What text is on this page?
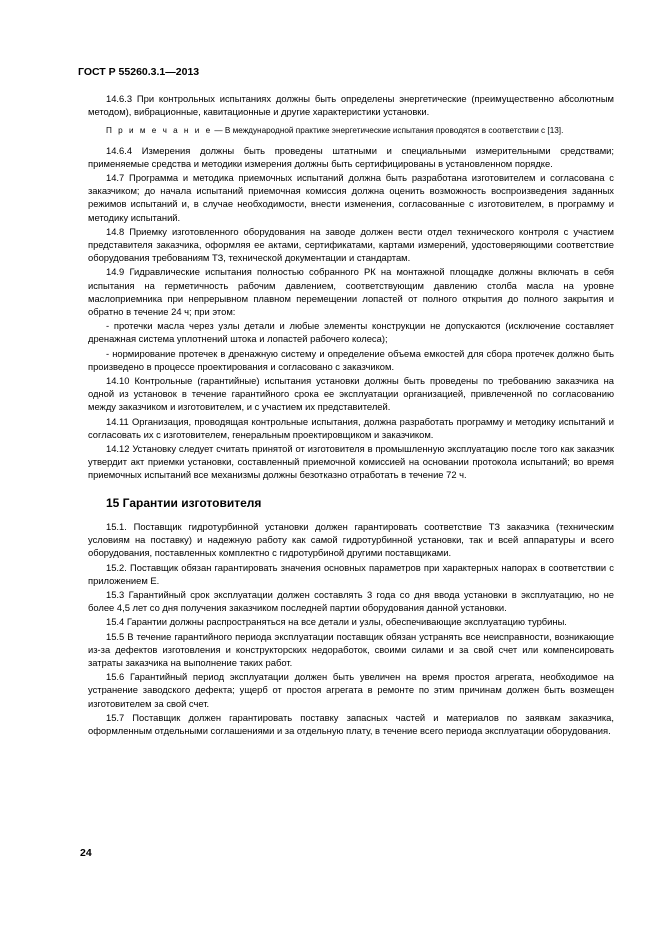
ГОСТ Р 55260.3.1—2013

14.6.3 При контрольных испытаниях должны быть определены энергетические (преимущественно абсолютным методом), вибрационные, кавитационные и другие характеристики установки.

П р и м е ч а н и е — В международной практике энергетические испытания проводятся в соответствии с [13].

14.6.4 Измерения должны быть проведены штатными и специальными измерительными средствами; применяемые средства и методики измерения должны быть сертифицированы в установленном порядке.

14.7 Программа и методика приемочных испытаний должна быть разработана изготовителем и согласована с заказчиком; до начала испытаний приемочная комиссия должна оценить возможность воспроизведения заданных режимов испытаний и, в случае необходимости, внести изменения, согласованные с изготовителем, в программу и методику испытаний.

14.8 Приемку изготовленного оборудования на заводе должен вести отдел технического контроля с участием представителя заказчика, оформляя ее актами, сертификатами, картами измерений, удостоверяющими соответствие оборудования требованиям ТЗ, технической документации и стандартам.

14.9 Гидравлические испытания полностью собранного РК на монтажной площадке должны включать в себя испытания на герметичность рабочим давлением, соответствующим давлению столба масла на уровне маслоприемника при непрерывном плавном перемещении лопастей от полного открытия до полного закрытия и обратно в течение 24 ч; при этом:

- протечки масла через узлы детали и любые элементы конструкции не допускаются (исключение составляет дренажная система уплотнений штока и лопастей рабочего колеса);

- нормирование протечек в дренажную систему и определение объема емкостей для сбора протечек должно быть произведено в процессе проектирования и согласовано с заказчиком.

14.10 Контрольные (гарантийные) испытания установки должны быть проведены по требованию заказчика на одной из установок в течение гарантийного срока ее эксплуатации организацией, привлеченной по согласованию между заказчиком и изготовителем, и с участием их представителей.

14.11 Организация, проводящая контрольные испытания, должна разработать программу и методику испытаний и согласовать их с изготовителем, генеральным проектировщиком и заказчиком.

14.12 Установку следует считать принятой от изготовителя в промышленную эксплуатацию после того как заказчик утвердит акт приемки установки, составленный приемочной комиссией на основании протокола испытаний; во время приемочных испытаний все механизмы должны безотказно отработать в течение 72 ч.

15 Гарантии изготовителя

15.1. Поставщик гидротурбинной установки должен гарантировать соответствие ТЗ заказчика (техническим условиям на поставку) и надежную работу как самой гидротурбинной установки, так и всей аппаратуры и всего оборудования, поставленных комплектно с гидротурбиной другими поставщиками.

15.2. Поставщик обязан гарантировать значения основных параметров при характерных напорах в соответствии с приложением Е.

15.3 Гарантийный срок эксплуатации должен составлять 3 года со дня ввода установки в эксплуатацию, но не более 4,5 лет со дня получения заказчиком последней партии оборудования данной установки.

15.4 Гарантии должны распространяться на все детали и узлы, обеспечивающие эксплуатацию турбины.

15.5 В течение гарантийного периода эксплуатации поставщик обязан устранять все неисправности, возникающие из-за дефектов изготовления и конструкторских недоработок, своими силами и за свой счет или компенсировать затраты заказчика на выполнение таких работ.

15.6 Гарантийный период эксплуатации должен быть увеличен на время простоя агрегата, необходимое на устранение заводского дефекта; ущерб от простоя агрегата в ремонте по этим причинам должен быть возмещен изготовителем за свой счет.

15.7 Поставщик должен гарантировать поставку запасных частей и материалов по заявкам заказчика, оформленным отдельными соглашениями и за отдельную плату, в течение всего периода эксплуатации оборудования.

24
